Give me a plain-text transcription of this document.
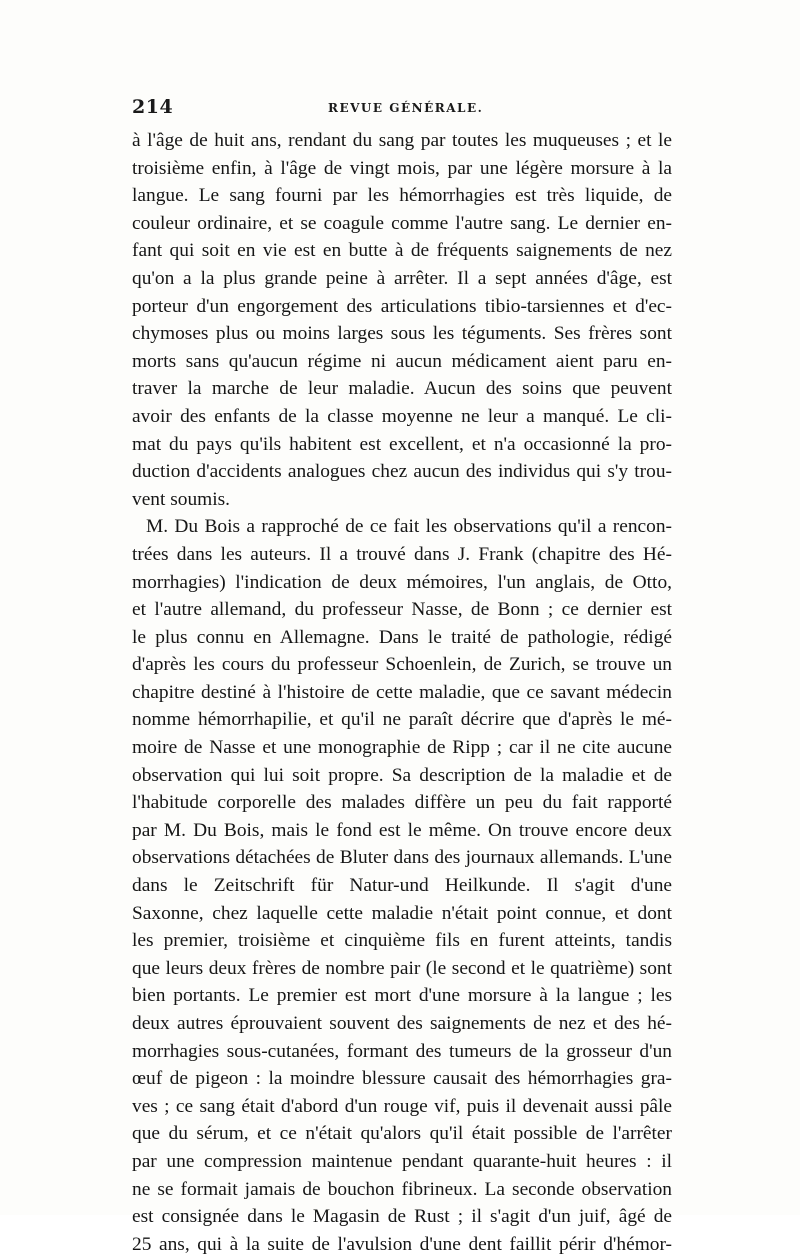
214	REVUE GÉNÉRALE.

à l'âge de huit ans, rendant du sang par toutes les muqueuses ; et le
troisième enfin, à l'âge de vingt mois, par une légère morsure à la
langue. Le sang fourni par les hémorrhagies est très liquide, de
couleur ordinaire, et se coagule comme l'autre sang. Le dernier en-
fant qui soit en vie est en butte à de fréquents saignements de nez
qu'on a la plus grande peine à arrêter. Il a sept années d'âge, est
porteur d'un engorgement des articulations tibio-tarsiennes et d'ec-
chymoses plus ou moins larges sous les téguments. Ses frères sont
morts sans qu'aucun régime ni aucun médicament aient paru en-
traver la marche de leur maladie. Aucun des soins que peuvent
avoir des enfants de la classe moyenne ne leur a manqué. Le cli-
mat du pays qu'ils habitent est excellent, et n'a occasionné la pro-
duction d'accidents analogues chez aucun des individus qui s'y trou-
vent soumis.

M. Du Bois a rapproché de ce fait les observations qu'il a rencon-
trées dans les auteurs. Il a trouvé dans J. Frank (chapitre des Hé-
morrhagies) l'indication de deux mémoires, l'un anglais, de Otto,
et l'autre allemand, du professeur Nasse, de Bonn ; ce dernier est
le plus connu en Allemagne. Dans le traité de pathologie, rédigé
d'après les cours du professeur Schoenlein, de Zurich, se trouve un
chapitre destiné à l'histoire de cette maladie, que ce savant médecin
nomme hémorrhapilie, et qu'il ne paraît décrire que d'après le mé-
moire de Nasse et une monographie de Ripp ; car il ne cite aucune
observation qui lui soit propre. Sa description de la maladie et de
l'habitude corporelle des malades diffère un peu du fait rapporté
par M. Du Bois, mais le fond est le même. On trouve encore deux
observations détachées de Bluter dans des journaux allemands. L'une
dans le Zeitschrift für Natur-und Heilkunde. Il s'agit d'une
Saxonne, chez laquelle cette maladie n'était point connue, et dont
les premier, troisième et cinquième fils en furent atteints, tandis
que leurs deux frères de nombre pair (le second et le quatrième) sont
bien portants. Le premier est mort d'une morsure à la langue ; les
deux autres éprouvaient souvent des saignements de nez et des hé-
morrhagies sous-cutanées, formant des tumeurs de la grosseur d'un
œuf de pigeon : la moindre blessure causait des hémorrhagies gra-
ves ; ce sang était d'abord d'un rouge vif, puis il devenait aussi pâle
que du sérum, et ce n'était qu'alors qu'il était possible de l'arrêter
par une compression maintenue pendant quarante-huit heures : il
ne se formait jamais de bouchon fibrineux. La seconde observation
est consignée dans le Magasin de Rust ; il s'agit d'un juif, âgé de
25 ans, qui à la suite de l'avulsion d'une dent faillit périr d'hémor-
